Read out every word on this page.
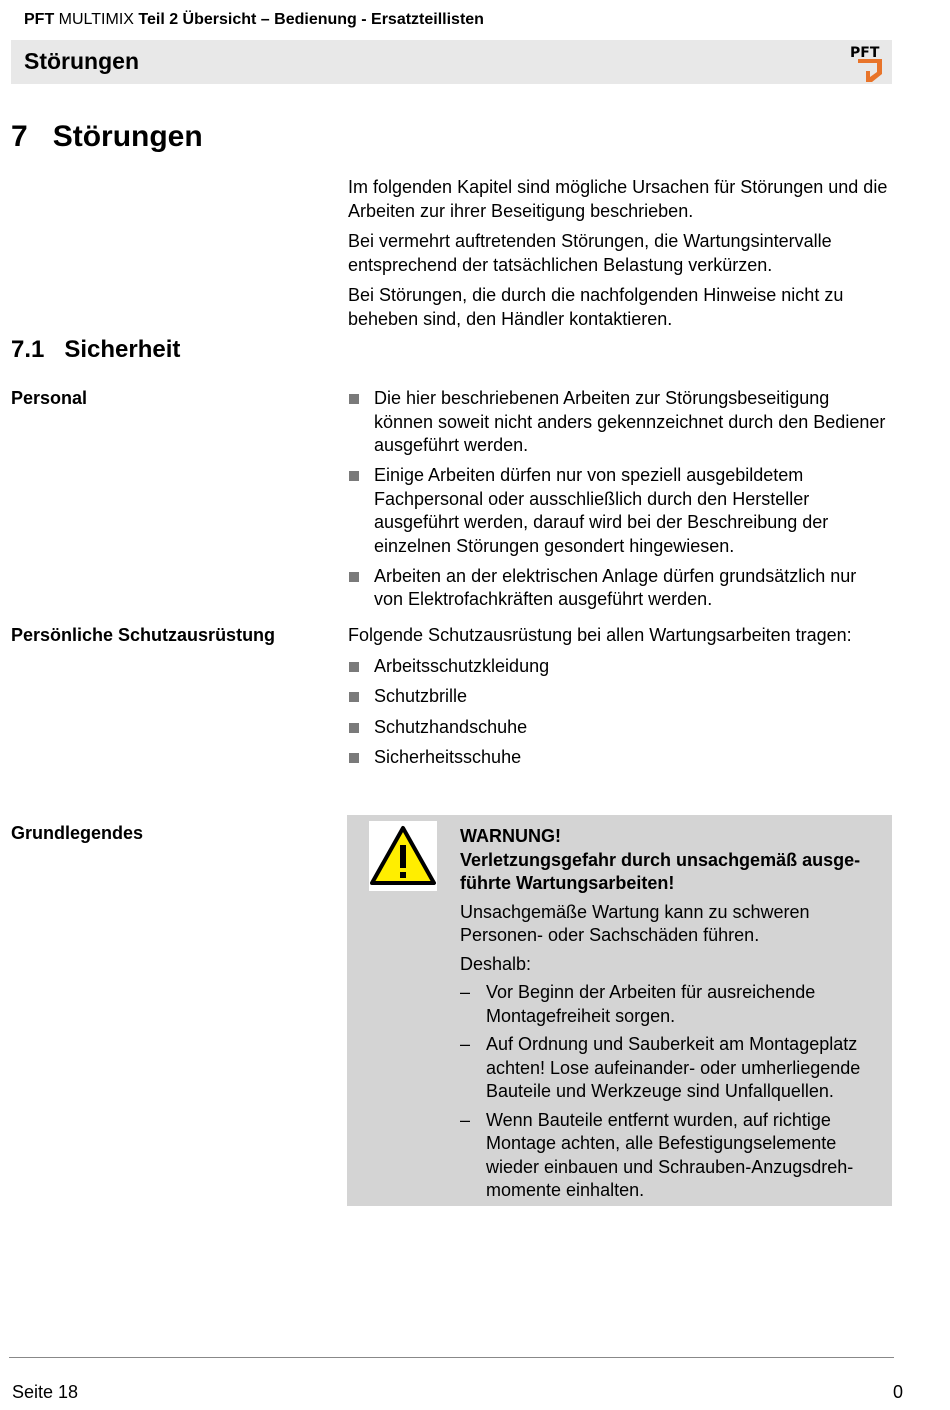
PFT MULTIMIX Teil 2 Übersicht – Bedienung - Ersatzteillisten
Störungen	PFT
7   Störungen

Im folgenden Kapitel sind mögliche Ursachen für Störungen und die Arbeiten zur ihrer Beseitigung beschrieben.

Bei vermehrt auftretenden Störungen, die Wartungsintervalle entsprechend der tatsächlichen Belastung verkürzen.

Bei Störungen, die durch die nachfolgenden Hinweise nicht zu beheben sind, den Händler kontaktieren.

7.1   Sicherheit
Personal	Die hier beschriebenen Arbeiten zur Störungsbeseitigung können soweit nicht anders gekennzeichnet durch den Bediener ausgeführt werden.
Einige Arbeiten dürfen nur von speziell ausgebildetem Fachpersonal oder ausschließlich durch den Hersteller ausgeführt werden, darauf wird bei der Beschreibung der einzelnen Störungen gesondert hingewiesen.
Arbeiten an der elektrischen Anlage dürfen grundsätzlich nur von Elektrofachkräften ausgeführt werden.
Persönliche Schutzausrüstung	Folgende Schutzausrüstung bei allen Wartungsarbeiten tragen:

Arbeitsschutzkleidung
Schutzbrille
Schutzhandschuhe
Sicherheitsschuhe
Grundlegendes	WARNUNG!

Verletzungsgefahr durch unsachgemäß ausgeführte Wartungsarbeiten!

Unsachgemäße Wartung kann zu schweren Personen- oder Sachschäden führen.

Deshalb:

– Vor Beginn der Arbeiten für ausreichende Montagefreiheit sorgen.
– Auf Ordnung und Sauberkeit am Montageplatz achten! Lose aufeinander- oder umherliegende Bauteile und Werkzeuge sind Unfallquellen.
– Wenn Bauteile entfernt wurden, auf richtige Montage achten, alle Befestigungselemente wieder einbauen und Schrauben-Anzugsdrehmomente einhalten.
Seite 18	0
